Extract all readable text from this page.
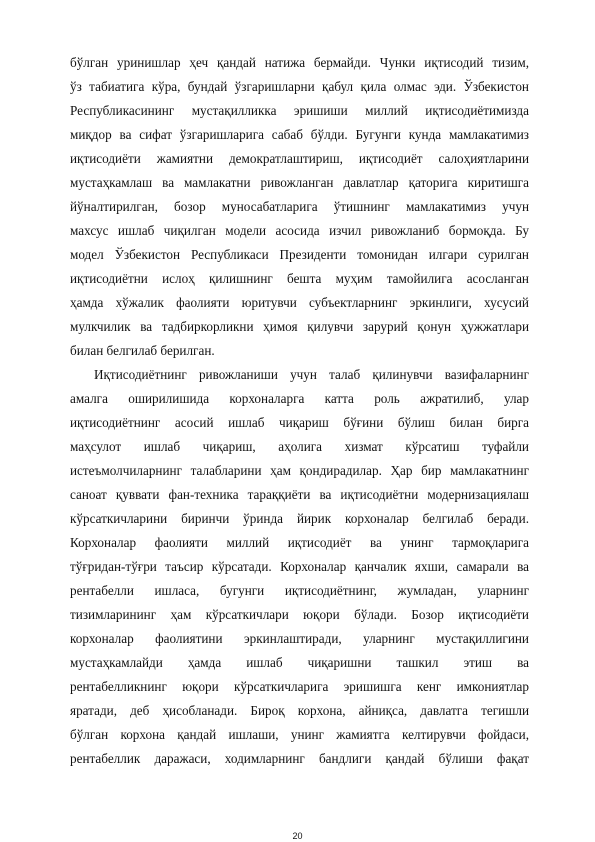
бўлган уринишлар ҳеч қандай натижа бермайди. Чунки иқтисодий тизим,
ўз табиатига кўра, бундай ўзгаришларни қабул қила олмас эди. Ўзбекистон
Республикасининг мустақилликка эришиши миллий иқтисодиётимизда
миқдор ва сифат ўзгаришларига сабаб бўлди. Бугунги кунда мамлакатимиз
иқтисодиёти жамиятни демократлаштириш, иқтисодиёт салоҳиятларини
мустаҳкамлаш ва мамлакатни ривожланган давлатлар қаторига киритишга
йўналтирилган, бозор муносабатларига ўтишнинг мамлакатимиз учун
махсус ишлаб чиқилган модели асосида изчил ривожланиб бормоқда. Бу
модел Ўзбекистон Республикаси Президенти томонидан илгари сурилган
иқтисодиётни ислоҳ қилишнинг бешта муҳим тамойилига асосланган
ҳамда хўжалик фаолияти юритувчи субъектларнинг эркинлиги, хусусий
мулкчилик ва тадбиркорликни ҳимоя қилувчи зарурий қонун ҳужжатлари
билан белгилаб берилган.
Иқтисодиётнинг ривожланиши учун талаб қилинувчи вазифаларнинг
амалга оширилишида корхоналарга катта роль ажратилиб, улар
иқтисодиётнинг асосий ишлаб чиқариш бўғини бўлиш билан бирга
маҳсулот ишлаб чиқариш, аҳолига хизмат кўрсатиш туфайли
истеъмолчиларнинг талабларини ҳам қондирадилар. Ҳар бир мамлакатнинг
саноат қуввати фан-техника тараққиёти ва иқтисодиётни модернизациялаш
кўрсаткичларини биринчи ўринда йирик корхоналар белгилаб беради.
Корхоналар фаолияти миллий иқтисодиёт ва унинг тармоқларига
тўғридан-тўғри таъсир кўрсатади. Корхоналар қанчалик яхши, самарали ва
рентабелли ишласа, бугунги иқтисодиётнинг, жумладан, уларнинг
тизимларининг ҳам кўрсаткичлари юқори бўлади. Бозор иқтисодиёти
корхоналар фаолиятини эркинлаштиради, уларнинг мустақиллигини
мустаҳкамлайди ҳамда ишлаб чиқаришни ташкил этиш ва
рентабелликнинг юқори кўрсаткичларига эришишга кенг имкониятлар
яратади, деб ҳисобланади. Бироқ корхона, айниқса, давлатга тегишли
бўлган корхона қандай ишлаши, унинг жамиятга келтирувчи фойдаси,
рентабеллик даражаси, ходимларнинг бандлиги қандай бўлиши фақат
20
